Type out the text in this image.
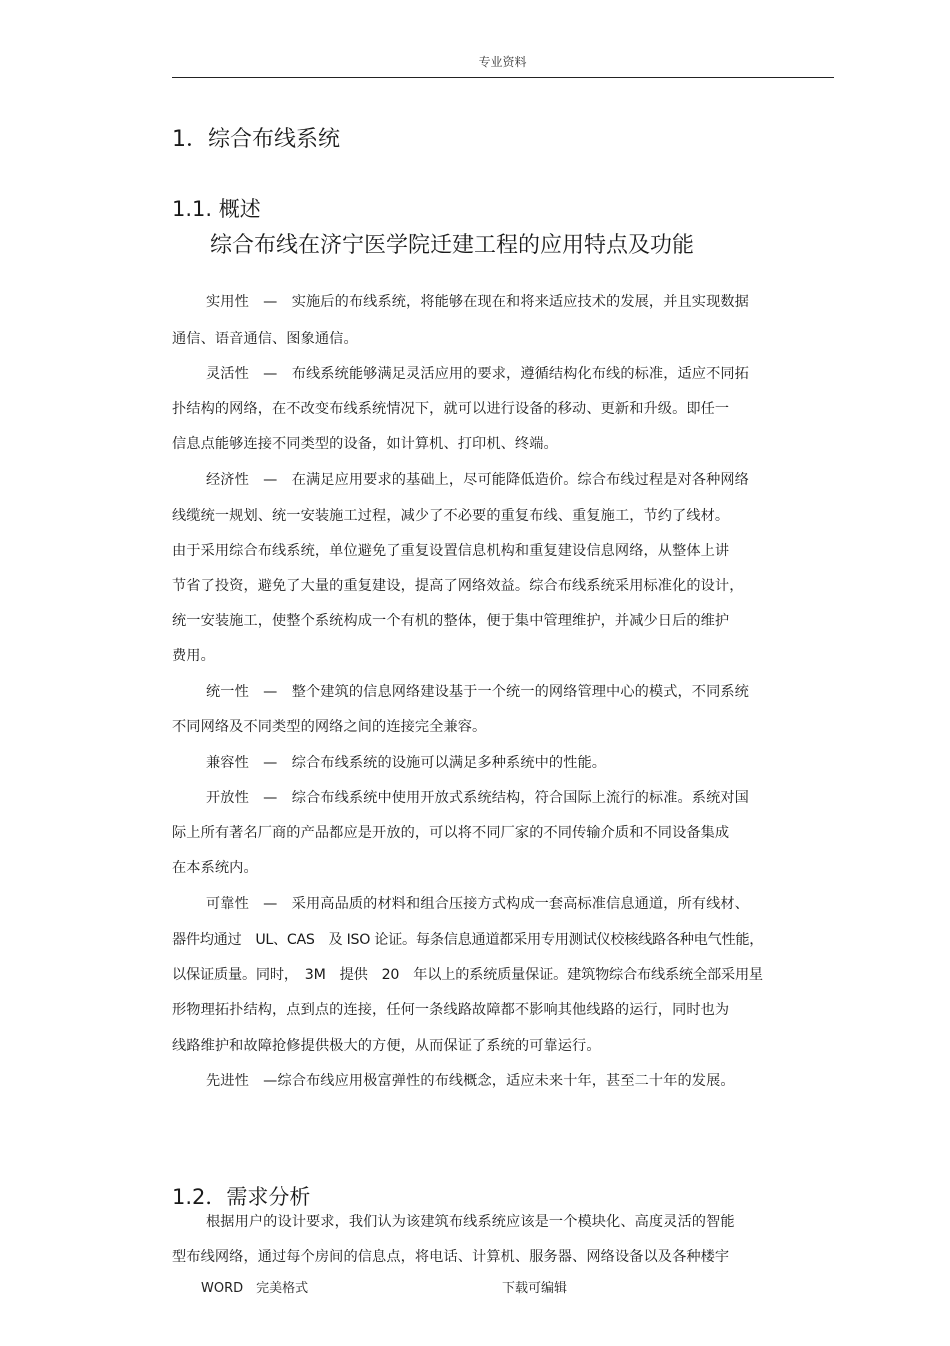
专业资料
1．综合布线系统
1.1. 概述
综合布线在济宁医学院迁建工程的应用特点及功能
实用性　—　实施后的布线系统，将能够在现在和将来适应技术的发展，并且实现数据
通信、语音通信、图象通信。
灵活性　—　布线系统能够满足灵活应用的要求，遵循结构化布线的标准，适应不同拓
扑结构的网络，在不改变布线系统情况下，就可以进行设备的移动、更新和升级。即任一
信息点能够连接不同类型的设备，如计算机、打印机、终端。
经济性　—　在满足应用要求的基础上，尽可能降低造价。综合布线过程是对各种网络
线缆统一规划、统一安装施工过程，减少了不必要的重复布线、重复施工，节约了线材。
由于采用综合布线系统，单位避免了重复设置信息机构和重复建设信息网络，从整体上讲
节省了投资，避免了大量的重复建设，提高了网络效益。综合布线系统采用标准化的设计，
统一安装施工，使整个系统构成一个有机的整体，便于集中管理维护，并减少日后的维护
费用。
统一性　—　整个建筑的信息网络建设基于一个统一的网络管理中心的模式，不同系统
不同网络及不同类型的网络之间的连接完全兼容。
兼容性　—　综合布线系统的设施可以满足多种系统中的性能。
开放性　—　综合布线系统中使用开放式系统结构，符合国际上流行的标准。系统对国
际上所有著名厂商的产品都应是开放的，可以将不同厂家的不同传输介质和不同设备集成
在本系统内。
可靠性　—　采用高品质的材料和组合压接方式构成一套高标准信息通道，所有线材、
器件均通过　UL、CAS　及 ISO 论证。每条信息通道都采用专用测试仪校核线路各种电气性能，
以保证质量。同时，　3M　提供　20　年以上的系统质量保证。建筑物综合布线系统全部采用星
形物理拓扑结构，点到点的连接，任何一条线路故障都不影响其他线路的运行，同时也为
线路维护和故障抢修提供极大的方便，从而保证了系统的可靠运行。
先进性　—综合布线应用极富弹性的布线概念，适应未来十年，甚至二十年的发展。
1.2．需求分析
根据用户的设计要求，我们认为该建筑布线系统应该是一个模块化、高度灵活的智能
型布线网络，通过每个房间的信息点，将电话、计算机、服务器、网络设备以及各种楼宇
WORD　完美格式	下载可编辑
